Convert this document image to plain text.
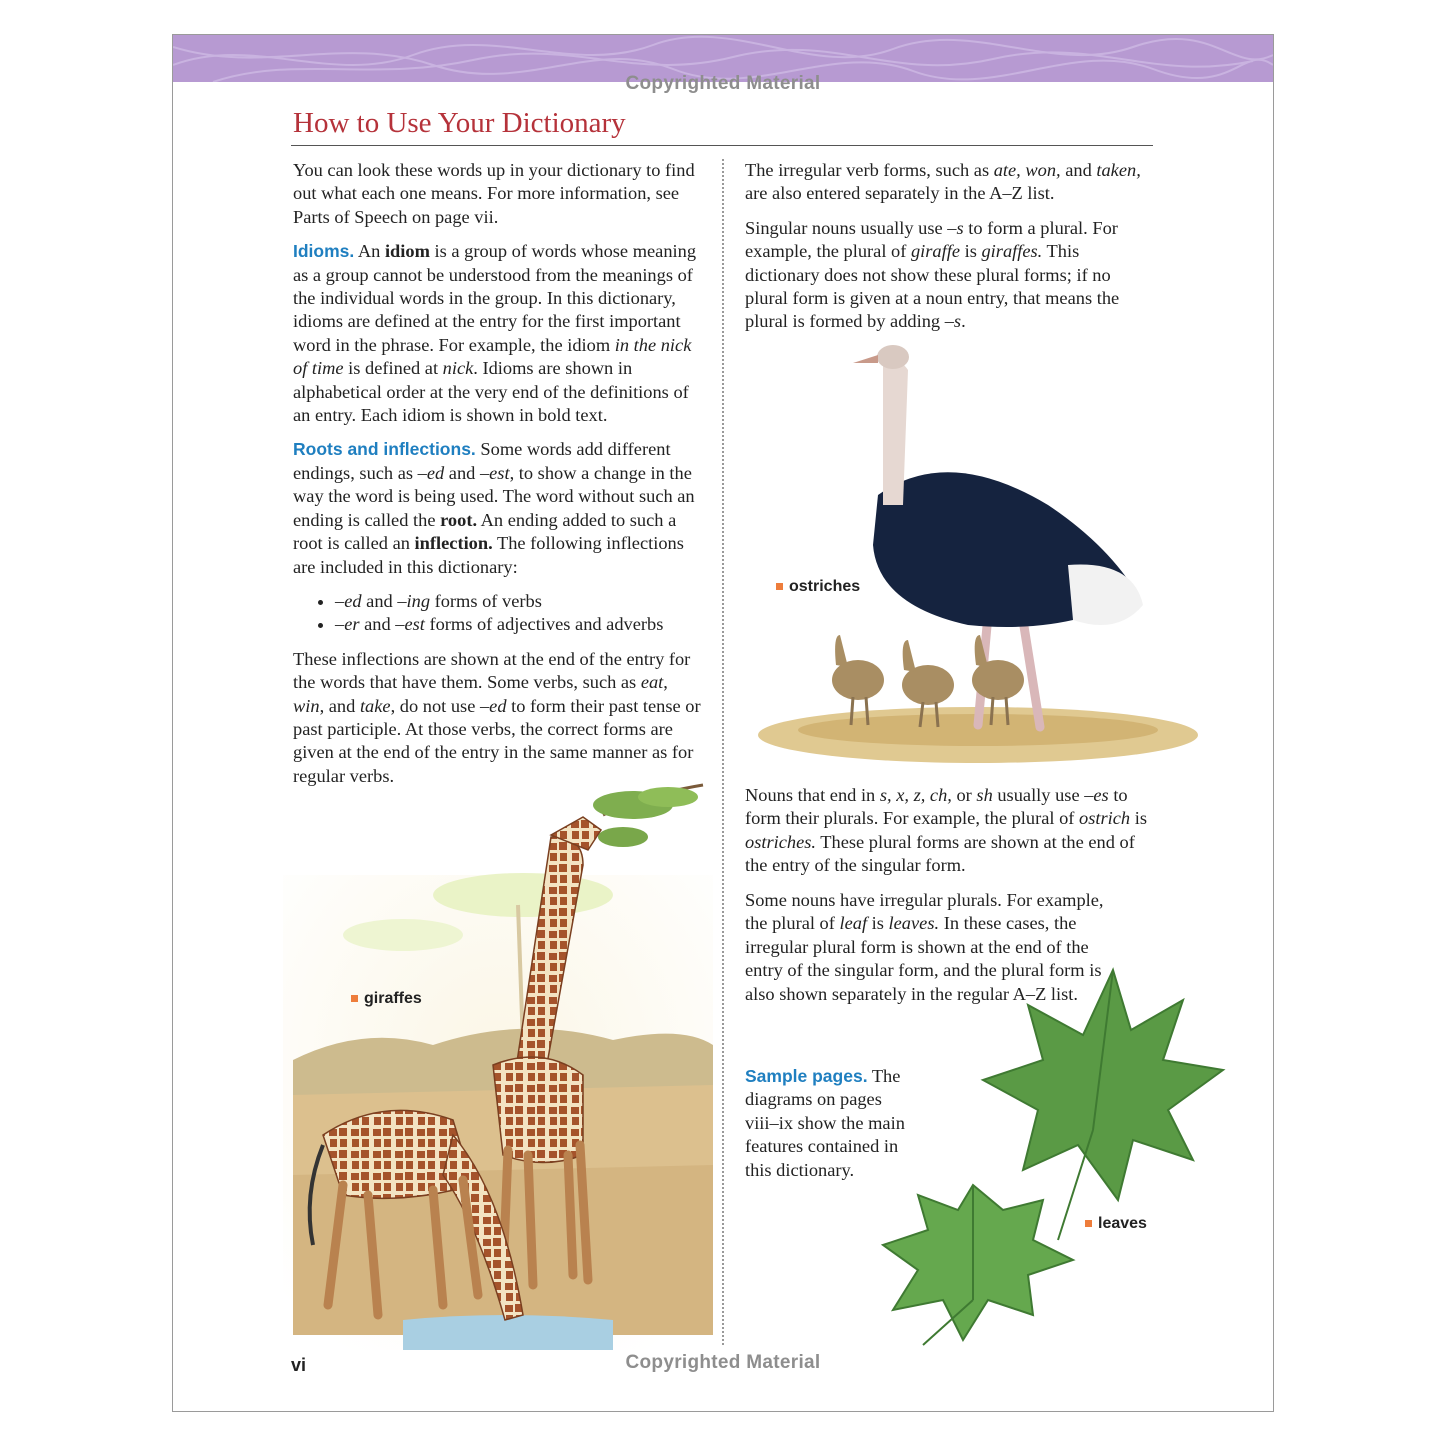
Copyrighted Material
How to Use Your Dictionary

You can look these words up in your dictionary to find out what each one means. For more information, see Parts of Speech on page vii.

Idioms. An idiom is a group of words whose meaning as a group cannot be understood from the meanings of the individual words in the group. In this dictionary, idioms are defined at the entry for the first important word in the phrase. For example, the idiom in the nick of time is defined at nick. Idioms are shown in alphabetical order at the very end of the definitions of an entry. Each idiom is shown in bold text.

Roots and inflections. Some words add different endings, such as –ed and –est, to show a change in the way the word is being used. The word without such an ending is called the root. An ending added to such a root is called an inflection. The following inflections are included in this dictionary:

• –ed and –ing forms of verbs
• –er and –est forms of adjectives and adverbs

These inflections are shown at the end of the entry for the words that have them. Some verbs, such as eat, win, and take, do not use –ed to form their past tense or past participle. At those verbs, the correct forms are given at the end of the entry in the same manner as for regular verbs.

The irregular verb forms, such as ate, won, and taken, are also entered separately in the A–Z list.

Singular nouns usually use –s to form a plural. For example, the plural of giraffe is giraffes. This dictionary does not show these plural forms; if no plural form is given at a noun entry, that means the plural is formed by adding –s.

Nouns that end in s, x, z, ch, or sh usually use –es to form their plurals. For example, the plural of ostrich is ostriches. These plural forms are shown at the end of the entry of the singular form.

Some nouns have irregular plurals. For example, the plural of leaf is leaves. In these cases, the irregular plural form is shown at the end of the entry of the singular form, and the plural form is also shown separately in the regular A–Z list.

Sample pages. The diagrams on pages viii–ix show the main features contained in this dictionary.

ostriches
giraffes
leaves
vi	Copyrighted Material
